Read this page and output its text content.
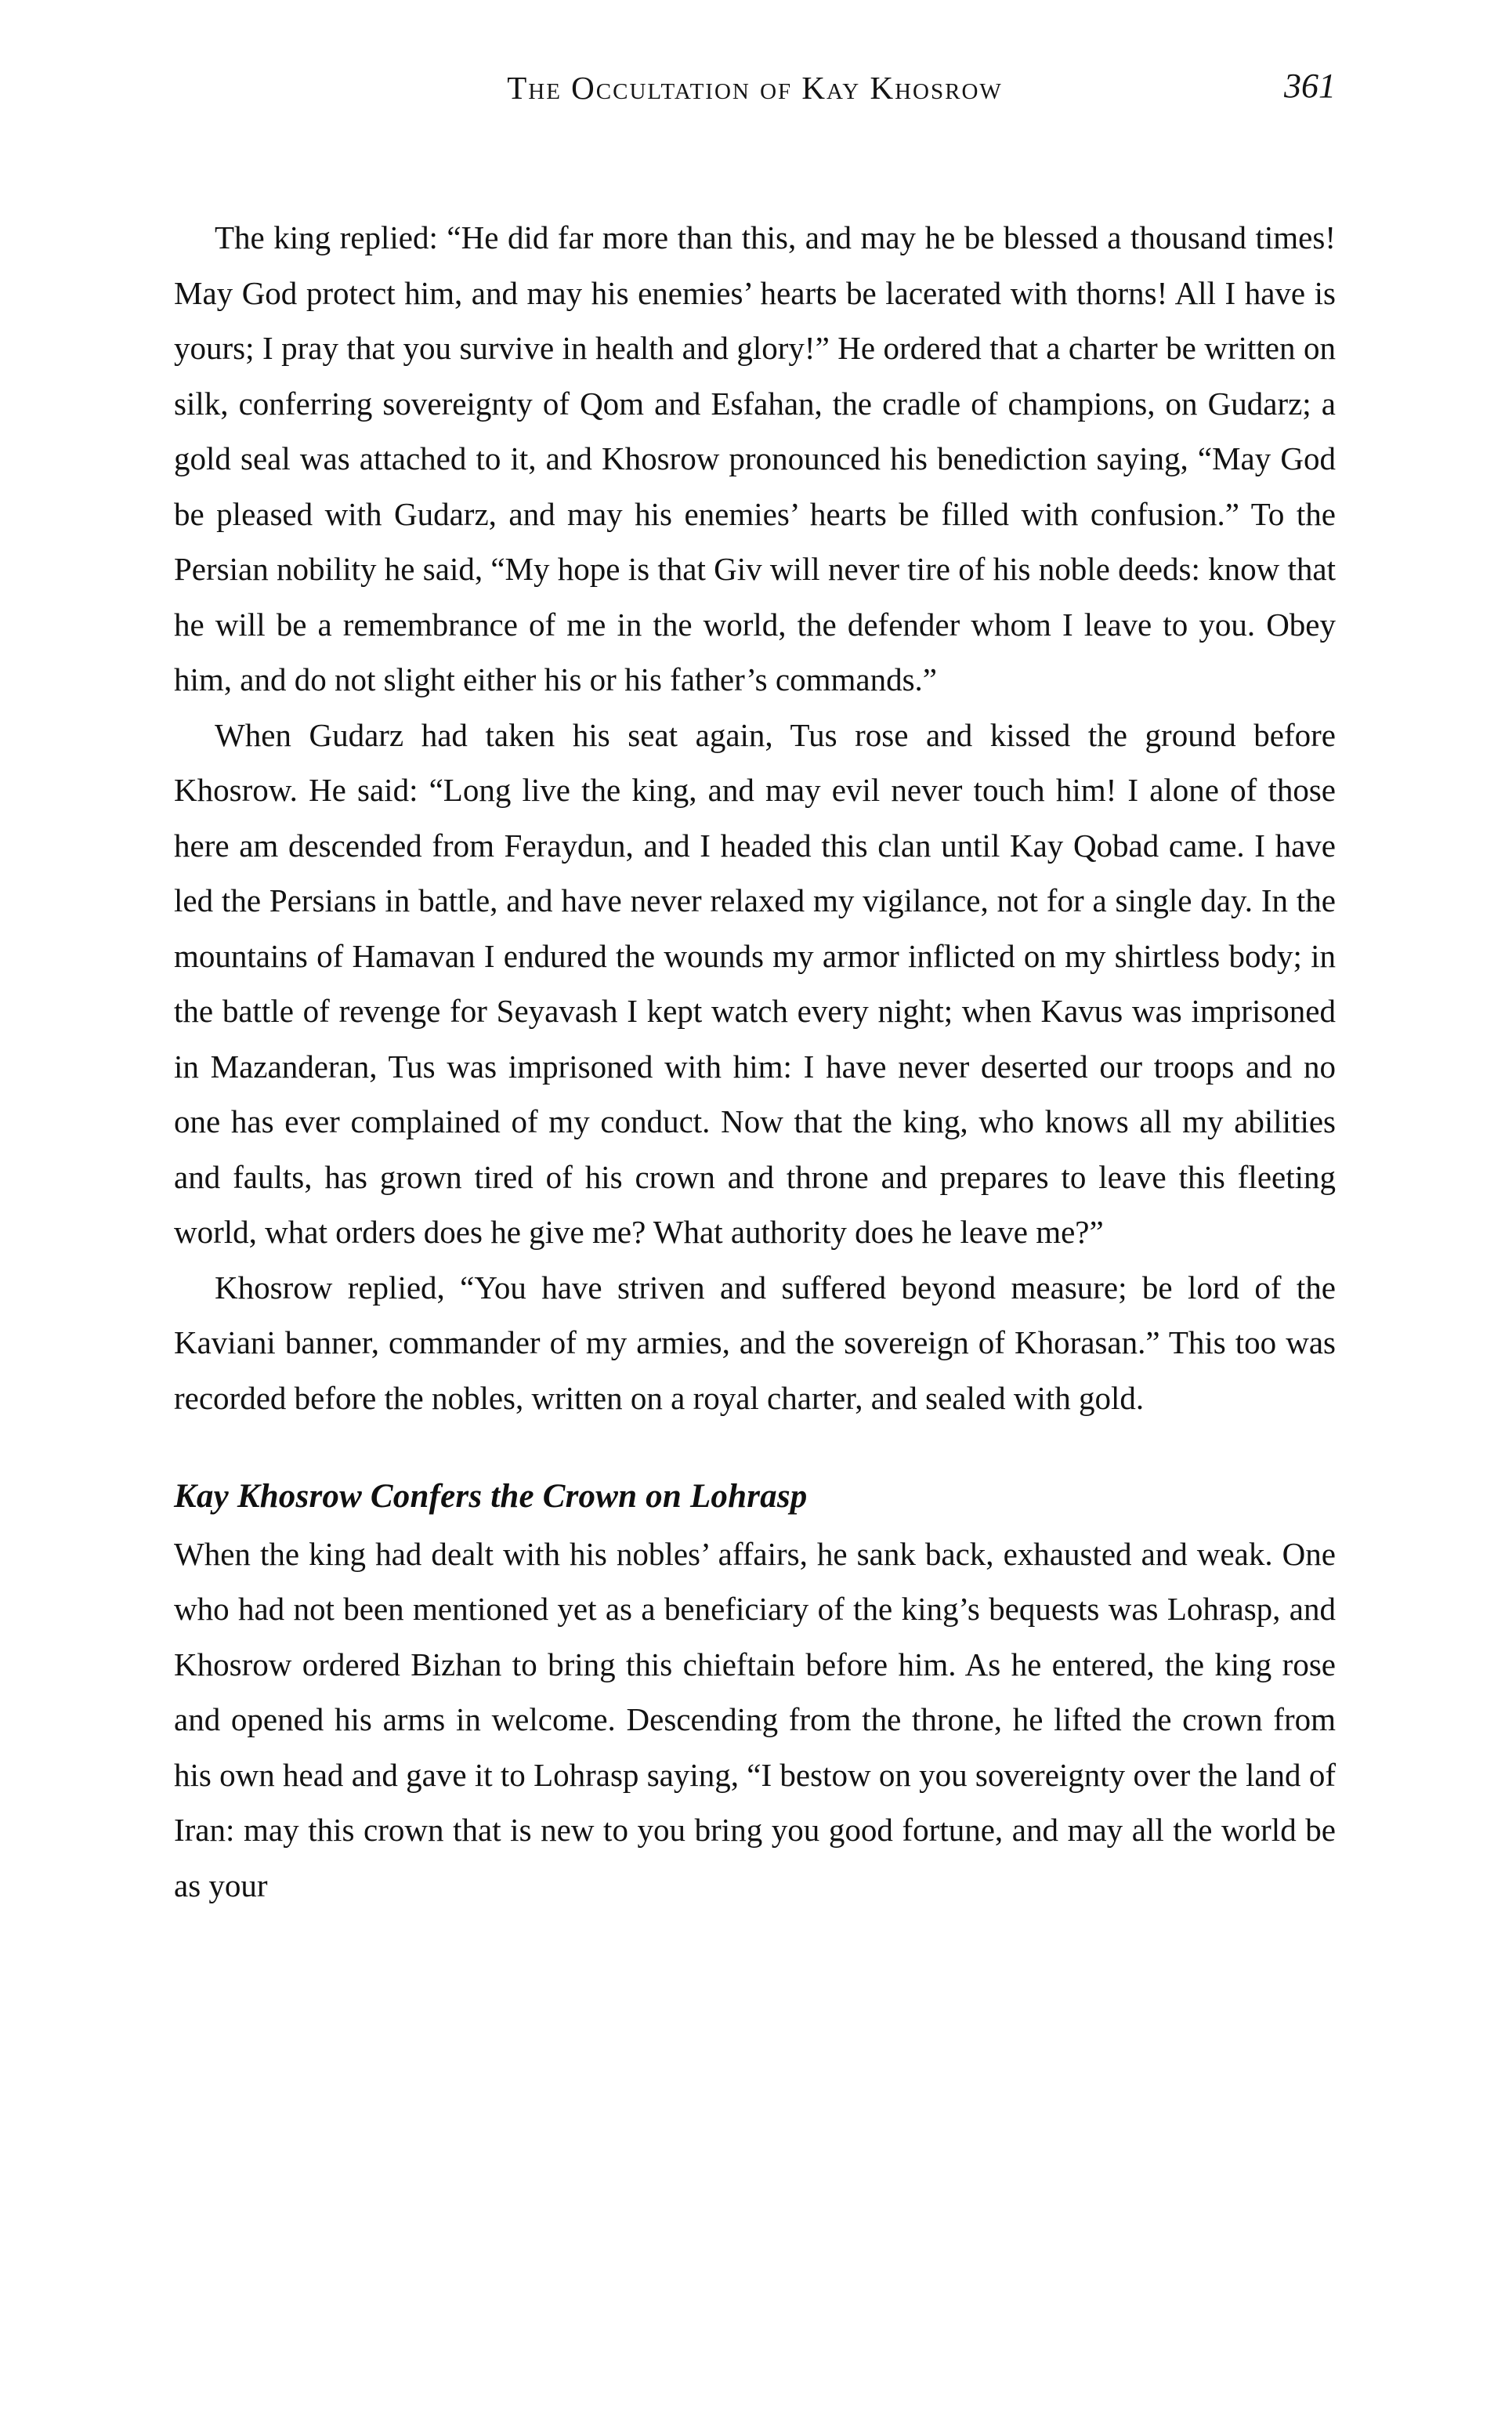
The Occultation of Kay Khosrow	361

The king replied: “He did far more than this, and may he be blessed a thousand times! May God protect him, and may his enemies’ hearts be lacerated with thorns! All I have is yours; I pray that you survive in health and glory!” He ordered that a charter be written on silk, conferring sovereignty of Qom and Esfahan, the cradle of champions, on Gudarz; a gold seal was attached to it, and Khosrow pronounced his benediction saying, “May God be pleased with Gudarz, and may his enemies’ hearts be filled with confusion.” To the Persian nobility he said, “My hope is that Giv will never tire of his noble deeds: know that he will be a remembrance of me in the world, the defender whom I leave to you. Obey him, and do not slight either his or his father’s commands.”

When Gudarz had taken his seat again, Tus rose and kissed the ground before Khosrow. He said: “Long live the king, and may evil never touch him! I alone of those here am descended from Feraydun, and I headed this clan until Kay Qobad came. I have led the Persians in battle, and have never relaxed my vigilance, not for a single day. In the mountains of Hamavan I endured the wounds my armor inflicted on my shirtless body; in the battle of revenge for Seyavash I kept watch every night; when Kavus was imprisoned in Mazanderan, Tus was imprisoned with him: I have never deserted our troops and no one has ever complained of my conduct. Now that the king, who knows all my abilities and faults, has grown tired of his crown and throne and prepares to leave this fleeting world, what orders does he give me? What authority does he leave me?”

Khosrow replied, “You have striven and suffered beyond measure; be lord of the Kaviani banner, commander of my armies, and the sovereign of Khorasan.” This too was recorded before the nobles, written on a royal charter, and sealed with gold.

Kay Khosrow Confers the Crown on Lohrasp

When the king had dealt with his nobles’ affairs, he sank back, exhausted and weak. One who had not been mentioned yet as a beneficiary of the king’s bequests was Lohrasp, and Khosrow ordered Bizhan to bring this chieftain before him. As he entered, the king rose and opened his arms in welcome. Descending from the throne, he lifted the crown from his own head and gave it to Lohrasp saying, “I bestow on you sovereignty over the land of Iran: may this crown that is new to you bring you good fortune, and may all the world be as your
